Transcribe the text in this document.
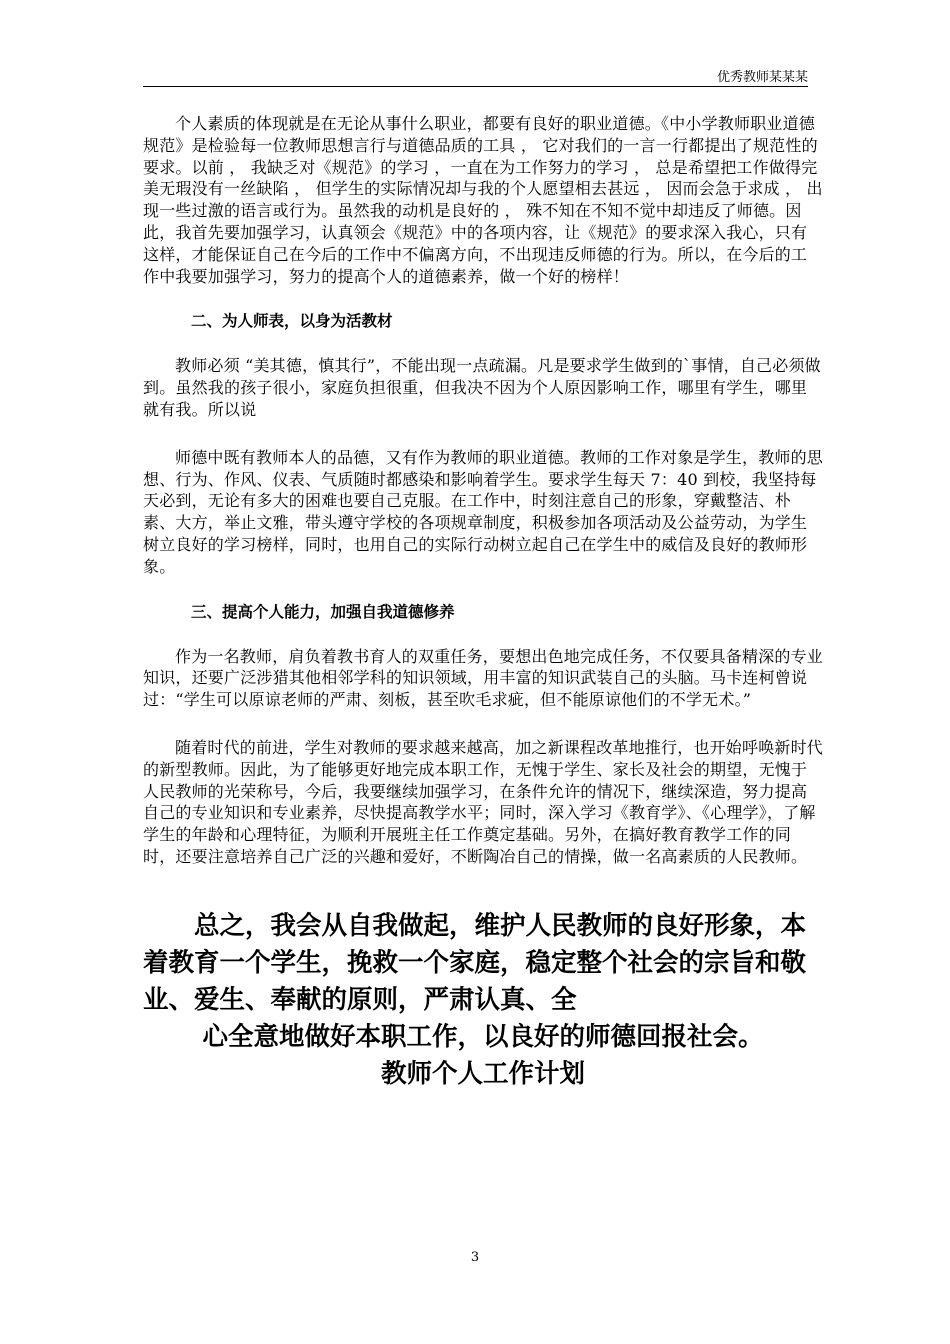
优秀教师某某某

个人素质的体现就是在无论从事什么职业，都要有良好的职业道德。《中小学教师职业道德规范》是检验每一位教师思想言行与道德品质的工具 ， 它对我们的一言一行都提出了规范性的要求。以前 ， 我缺乏对《规范》的学习 ，一直在为工作努力的学习 ， 总是希望把工作做得完美无瑕没有一丝缺陷 ， 但学生的实际情况却与我的个人愿望相去甚远 ， 因而会急于求成 ， 出现一些过激的语言或行为。虽然我的动机是良好的 ， 殊不知在不知不觉中却违反了师德。因此，我首先要加强学习，认真领会《规范》中的各项内容，让《规范》的要求深入我心，只有这样，才能保证自己在今后的工作中不偏离方向，不出现违反师德的行为。所以，在今后的工作中我要加强学习，努力的提高个人的道德素养，做一个好的榜样！

二、为人师表，以身为活教材

教师必须 “美其德，慎其行”，不能出现一点疏漏。凡是要求学生做到的`事情，自己必须做到。虽然我的孩子很小，家庭负担很重，但我决不因为个人原因影响工作，哪里有学生，哪里就有我。所以说

师德中既有教师本人的品德，又有作为教师的职业道德。教师的工作对象是学生，教师的思想、行为、作风、仪表、气质随时都感染和影响着学生。要求学生每天 7：40 到校，我坚持每天必到，无论有多大的困难也要自己克服。在工作中，时刻注意自己的形象，穿戴整洁、朴素、大方，举止文雅，带头遵守学校的各项规章制度，积极参加各项活动及公益劳动，为学生树立良好的学习榜样，同时，也用自己的实际行动树立起自己在学生中的威信及良好的教师形象。

三、提高个人能力，加强自我道德修养

作为一名教师，肩负着教书育人的双重任务，要想出色地完成任务，不仅要具备精深的专业知识，还要广泛涉猎其他相邻学科的知识领域，用丰富的知识武装自己的头脑。马卡连柯曾说过：“学生可以原谅老师的严肃、刻板，甚至吹毛求疵，但不能原谅他们的不学无术。”

随着时代的前进，学生对教师的要求越来越高，加之新课程改革地推行，也开始呼唤新时代的新型教师。因此，为了能够更好地完成本职工作，无愧于学生、家长及社会的期望，无愧于人民教师的光荣称号，今后，我要继续加强学习，在条件允许的情况下，继续深造，努力提高自己的专业知识和专业素养，尽快提高教学水平；同时，深入学习《教育学》、《心理学》，了解学生的年龄和心理特征，为顺利开展班主任工作奠定基础。另外，在搞好教育教学工作的同时，还要注意培养自己广泛的兴趣和爱好，不断陶冶自己的情操，做一名高素质的人民教师。

总之，我会从自我做起，维护人民教师的良好形象，本着教育一个学生，挽救一个家庭，稳定整个社会的宗旨和敬业、爱生、奉献的原则，严肃认真、全

心全意地做好本职工作，以良好的师德回报社会。

教师个人工作计划

3
